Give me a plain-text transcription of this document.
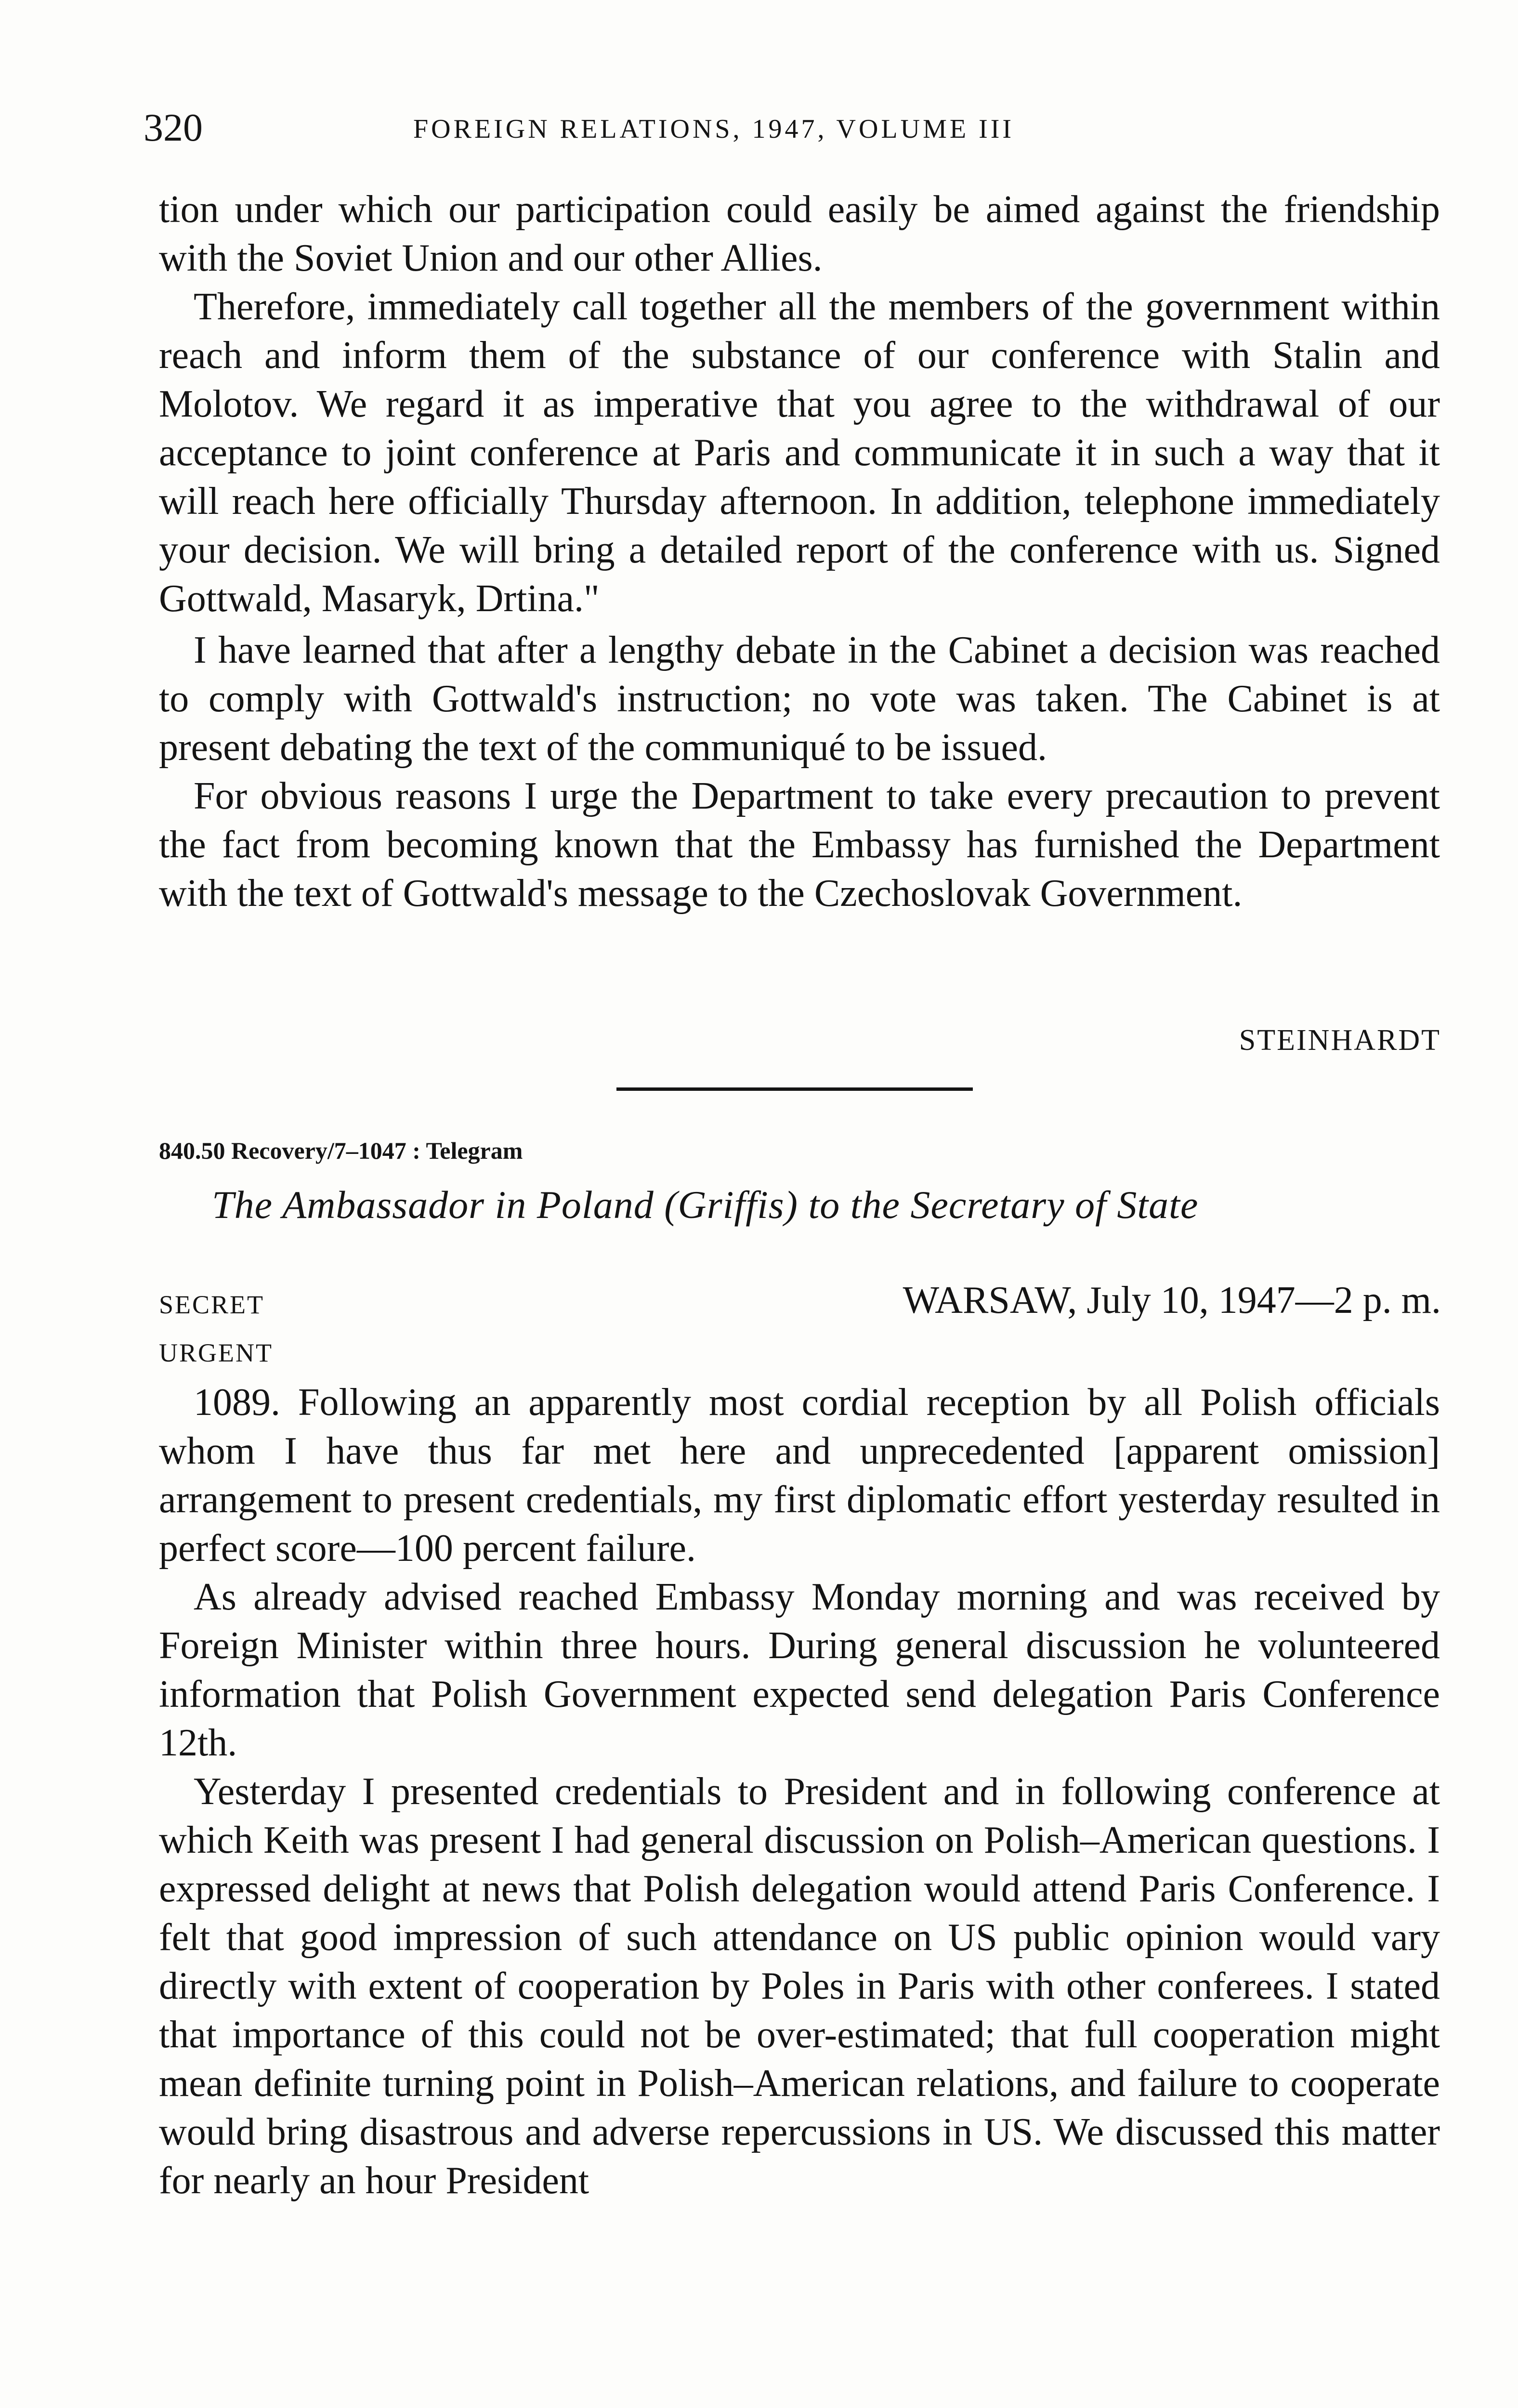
320	FOREIGN RELATIONS, 1947, VOLUME III

tion under which our participation could easily be aimed against the friendship with the Soviet Union and our other Allies.

Therefore, immediately call together all the members of the government within reach and inform them of the substance of our conference with Stalin and Molotov. We regard it as imperative that you agree to the withdrawal of our acceptance to joint conference at Paris and communicate it in such a way that it will reach here officially Thursday afternoon. In addition, telephone immediately your decision. We will bring a detailed report of the conference with us. Signed Gottwald, Masaryk, Drtina."

I have learned that after a lengthy debate in the Cabinet a decision was reached to comply with Gottwald's instruction; no vote was taken. The Cabinet is at present debating the text of the communiqué to be issued.

For obvious reasons I urge the Department to take every precaution to prevent the fact from becoming known that the Embassy has furnished the Department with the text of Gottwald's message to the Czechoslovak Government.

STEINHARDT
840.50 Recovery/7–1047 : Telegram
The Ambassador in Poland (Griffis) to the Secretary of State
SECRET
URGENT
WARSAW, July 10, 1947—2 p. m.

1089. Following an apparently most cordial reception by all Polish officials whom I have thus far met here and unprecedented [apparent omission] arrangement to present credentials, my first diplomatic effort yesterday resulted in perfect score—100 percent failure.

As already advised reached Embassy Monday morning and was received by Foreign Minister within three hours. During general discussion he volunteered information that Polish Government expected send delegation Paris Conference 12th.

Yesterday I presented credentials to President and in following conference at which Keith was present I had general discussion on Polish–American questions. I expressed delight at news that Polish delegation would attend Paris Conference. I felt that good impression of such attendance on US public opinion would vary directly with extent of cooperation by Poles in Paris with other conferees. I stated that importance of this could not be over-estimated; that full cooperation might mean definite turning point in Polish–American relations, and failure to cooperate would bring disastrous and adverse repercussions in US. We discussed this matter for nearly an hour President
